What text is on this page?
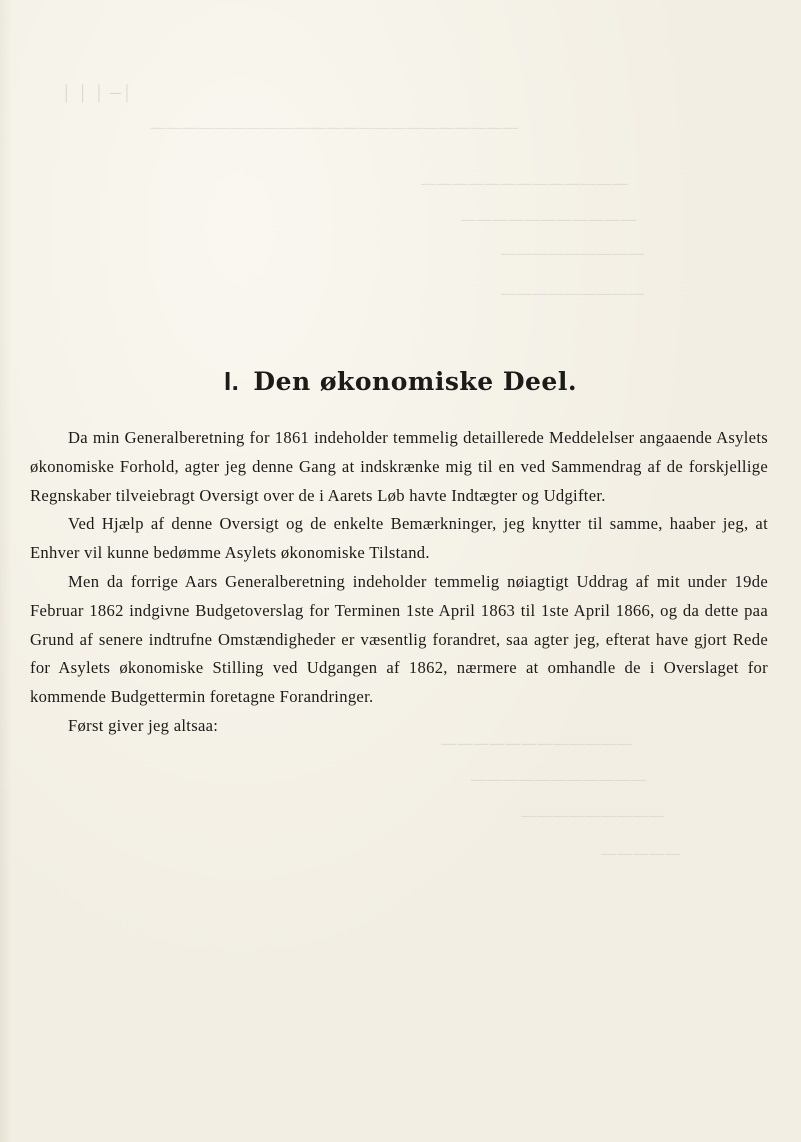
│─ │ │ │
———————————————————————
—————————————
———————————
—————————
—————————
————————————
———————————
—————————
—————
I. Den økonomiske Deel.

Da min Generalberetning for 1861 indeholder temmelig detaillerede Meddelelser angaaende Asylets økonomiske Forhold, agter jeg denne Gang at indskrænke mig til en ved Sammendrag af de forskjellige Regnskaber tilveiebragt Oversigt over de i Aarets Løb havte Indtægter og Udgifter.

Ved Hjælp af denne Oversigt og de enkelte Bemærkninger, jeg knytter til samme, haaber jeg, at Enhver vil kunne bedømme Asylets økonomiske Tilstand.

Men da forrige Aars Generalberetning indeholder temmelig nøiagtigt Uddrag af mit under 19de Februar 1862 indgivne Budgetoverslag for Terminen 1ste April 1863 til 1ste April 1866, og da dette paa Grund af senere indtrufne Omstændigheder er væsentlig forandret, saa agter jeg, efterat have gjort Rede for Asylets økonomiske Stilling ved Udgangen af 1862, nærmere at omhandle de i Overslaget for kommende Budgettermin foretagne Forandringer.

Først giver jeg altsaa:
